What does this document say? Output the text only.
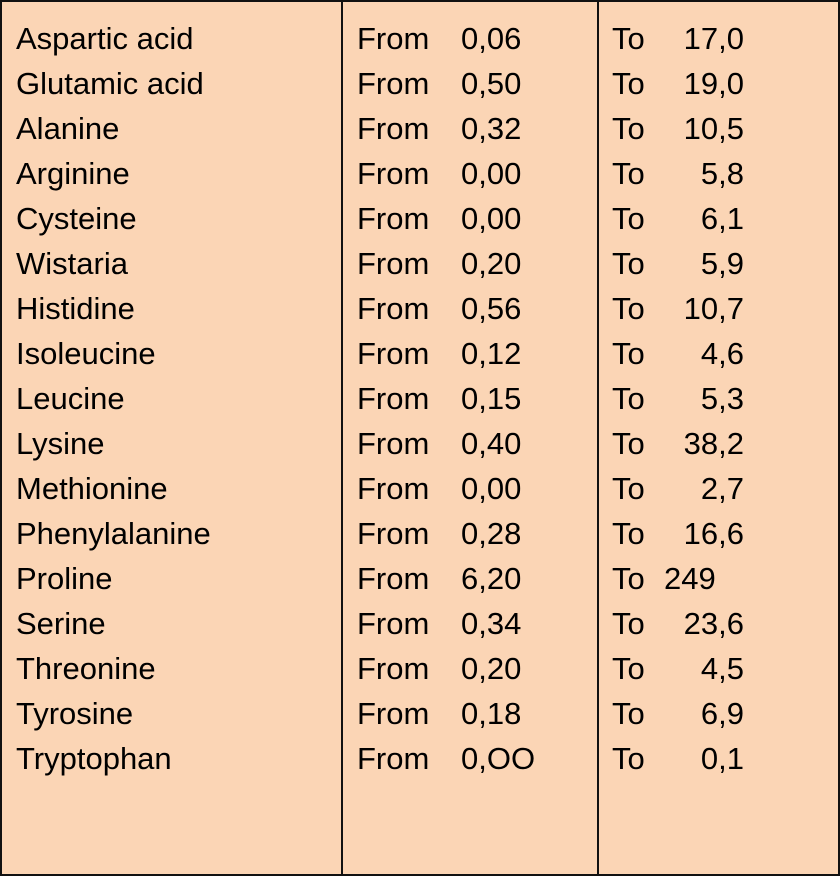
Aspartic acid	From 0,06	To 17,0
Glutamic acid	From 0,50	To 19,0
Alanine	From 0,32	To 10,5
Arginine	From 0,00	To 5,8
Cysteine	From 0,00	To 6,1
Wistaria	From 0,20	To 5,9
Histidine	From 0,56	To 10,7
Isoleucine	From 0,12	To 4,6
Leucine	From 0,15	To 5,3
Lysine	From 0,40	To 38,2
Methionine	From 0,00	To 2,7
Phenylalanine	From 0,28	To 16,6
Proline	From 6,20	To 249
Serine	From 0,34	To 23,6
Threonine	From 0,20	To 4,5
Tyrosine	From 0,18	To 6,9
Tryptophan	From 0,OO To 0,1
